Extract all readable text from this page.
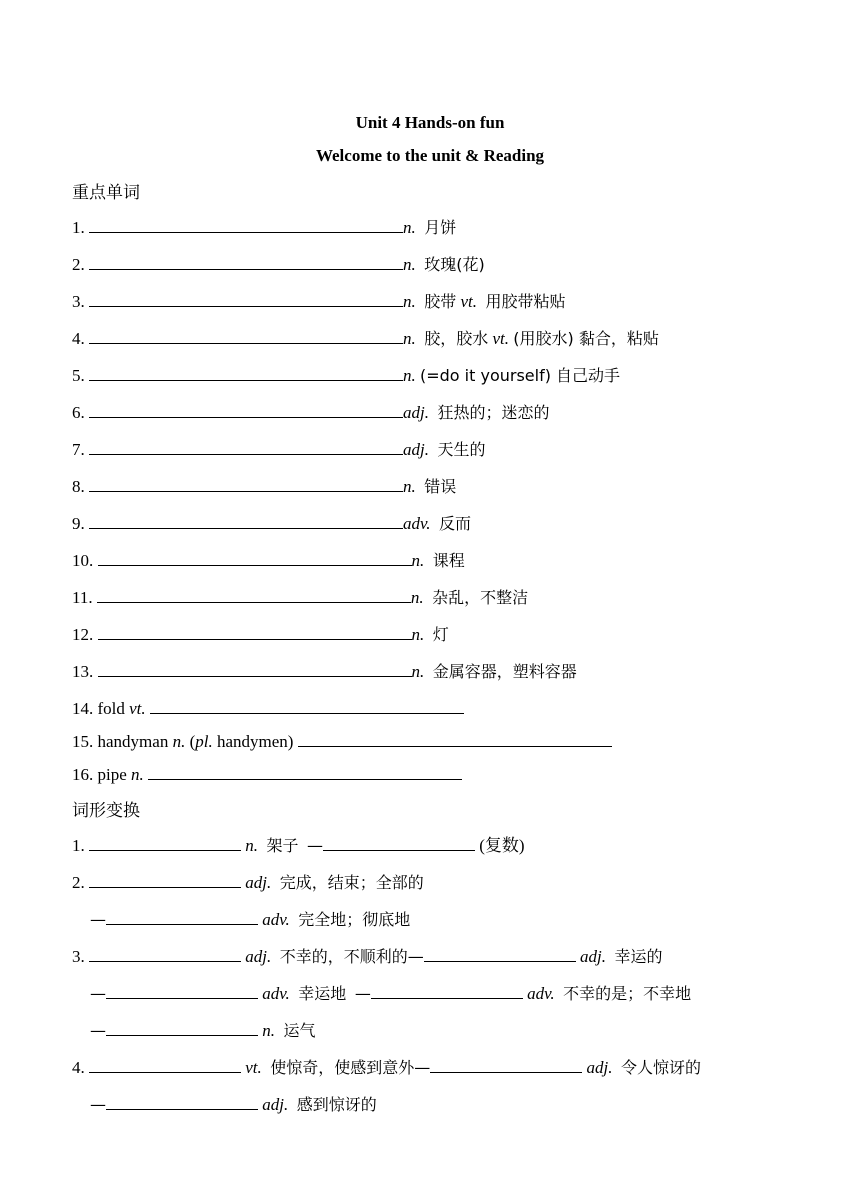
Unit 4 Hands-on fun
Welcome to the unit & Reading
重点单词
1.	n. 月饼
2.	n. 玫瑰(花)
3.	n. 胶带 vt. 用胶带粘贴
4.	n. 胶，胶水 vt. (用胶水) 黏合，粘贴
5.	n. (=do it yourself) 自己动手
6.	adj. 狂热的；迷恋的
7.	adj. 天生的
8.	n. 错误
9.	adv. 反而
10.	n. 课程
11.	n. 杂乱，不整洁
12.	n. 灯
13.	n. 金属容器，塑料容器
14. fold vt.
15. handyman n. (pl. handymen)
16. pipe n.
词形变换
1.	n. 架子 —	(复数)
2.	adj. 完成，结束；全部的
—	adv. 完全地；彻底地
3.	adj. 不幸的，不顺利的—	adj. 幸运的
—	adv. 幸运地 —	adv. 不幸的是；不幸地
—	n. 运气
4.	vt. 使惊奇，使感到意外—	adj. 令人惊讶的
—	adj. 感到惊讶的
